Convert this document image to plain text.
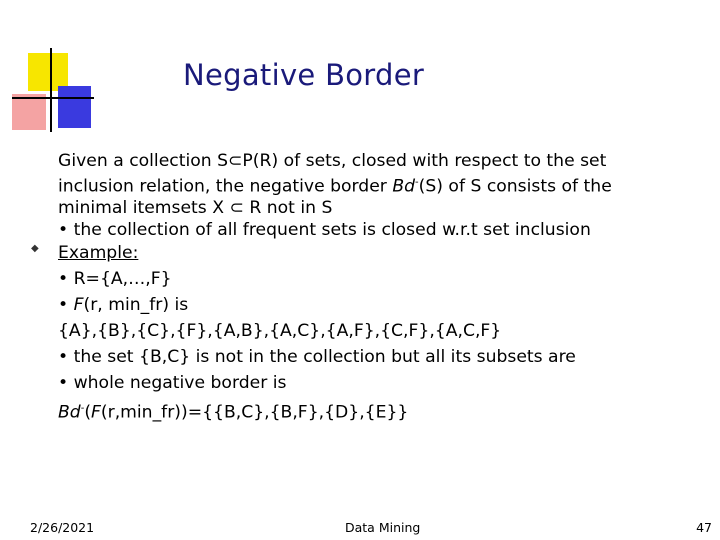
Negative Border
◆
Given a collection S⊂P(R) of sets, closed with respect to the set
inclusion relation, the negative border Bd-(S) of S consists of the
minimal itemsets X ⊂ R not in S
• the collection of all frequent sets is closed w.r.t set inclusion
Example:
• R={A,…,F}
• F(r, min_fr) is
{A},{B},{C},{F},{A,B},{A,C},{A,F},{C,F},{A,C,F}
• the set {B,C} is not in the collection but all its subsets are
• whole negative border is
Bd-(F(r,min_fr))={{B,C},{B,F},{D},{E}}
2/26/2021	Data Mining	47
